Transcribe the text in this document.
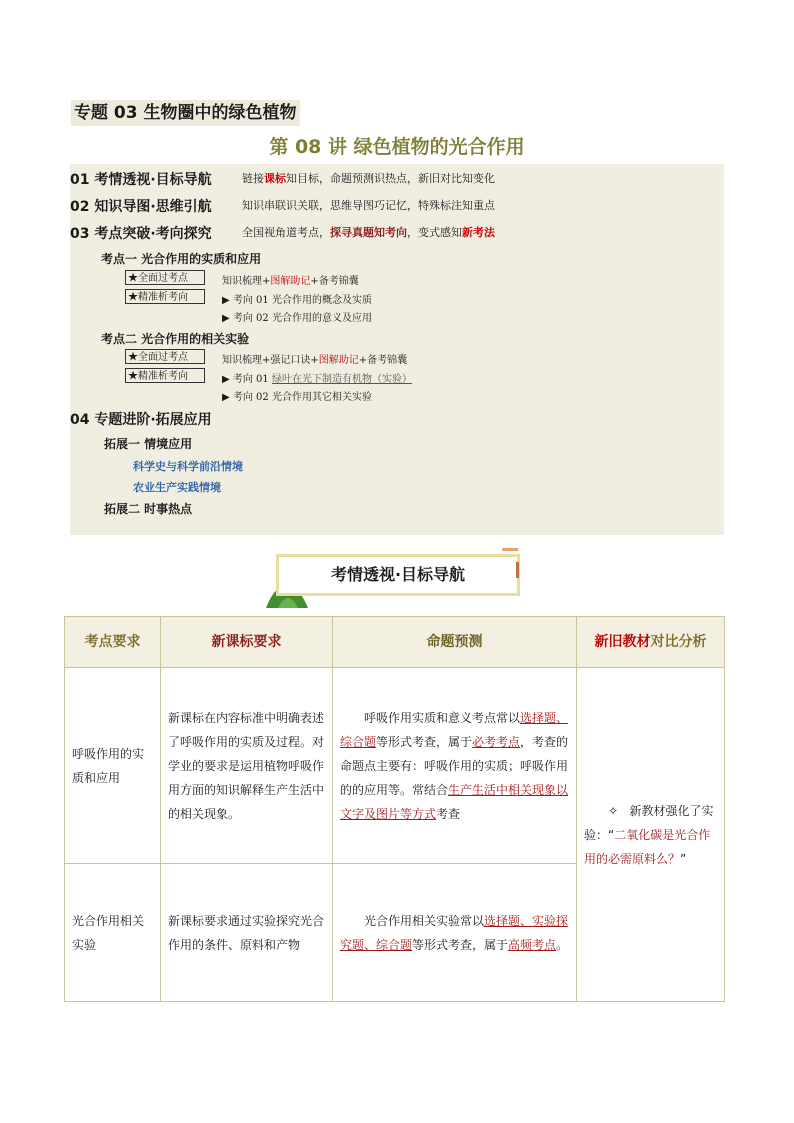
专题 03 生物圈中的绿色植物
第 08 讲 绿色植物的光合作用
01 考情透视·目标导航	链接课标知目标，命题预测识热点，新旧对比知变化
02 知识导图·思维引航	知识串联识关联，思维导图巧记忆，特殊标注知重点
03 考点突破·考向探究	全国视角道考点，探寻真题知考向，变式感知新考法
考点一 光合作用的实质和应用
★全面过考点	知识梳理+图解助记+备考锦囊
★精准析考向	▶ 考向 01 光合作用的概念及实质
▶ 考向 02 光合作用的意义及应用
考点二 光合作用的相关实验
★全面过考点	知识梳理+强记口诀+图解助记+备考锦囊
★精准析考向	▶ 考向 01 绿叶在光下制造有机物（实验）
▶ 考向 02 光合作用其它相关实验
04 专题进阶·拓展应用
拓展一 情境应用
科学史与科学前沿情境
农业生产实践情境
拓展二 时事热点
考情透视·目标导航
考点要求	新课标要求	命题预测	新旧教材对比分析
呼吸作用的实质和应用	新课标在内容标准中明确表述了呼吸作用的实质及过程。对学业的要求是运用植物呼吸作用方面的知识解释生产生活中的相关现象。	呼吸作用实质和意义考点常以选择题、综合题等形式考查，属于必考考点，考查的命题点主要有：呼吸作用的实质；呼吸作用的的应用等。常结合生产生活中相关现象以文字及图片等方式考查	✧ 新教材强化了实验：“二氧化碳是光合作用的必需原料么？”
光合作用相关实验	新课标要求通过实验探究光合作用的条件、原料和产物	光合作用相关实验常以选择题、实验探究题、综合题等形式考查，属于高频考点。	
